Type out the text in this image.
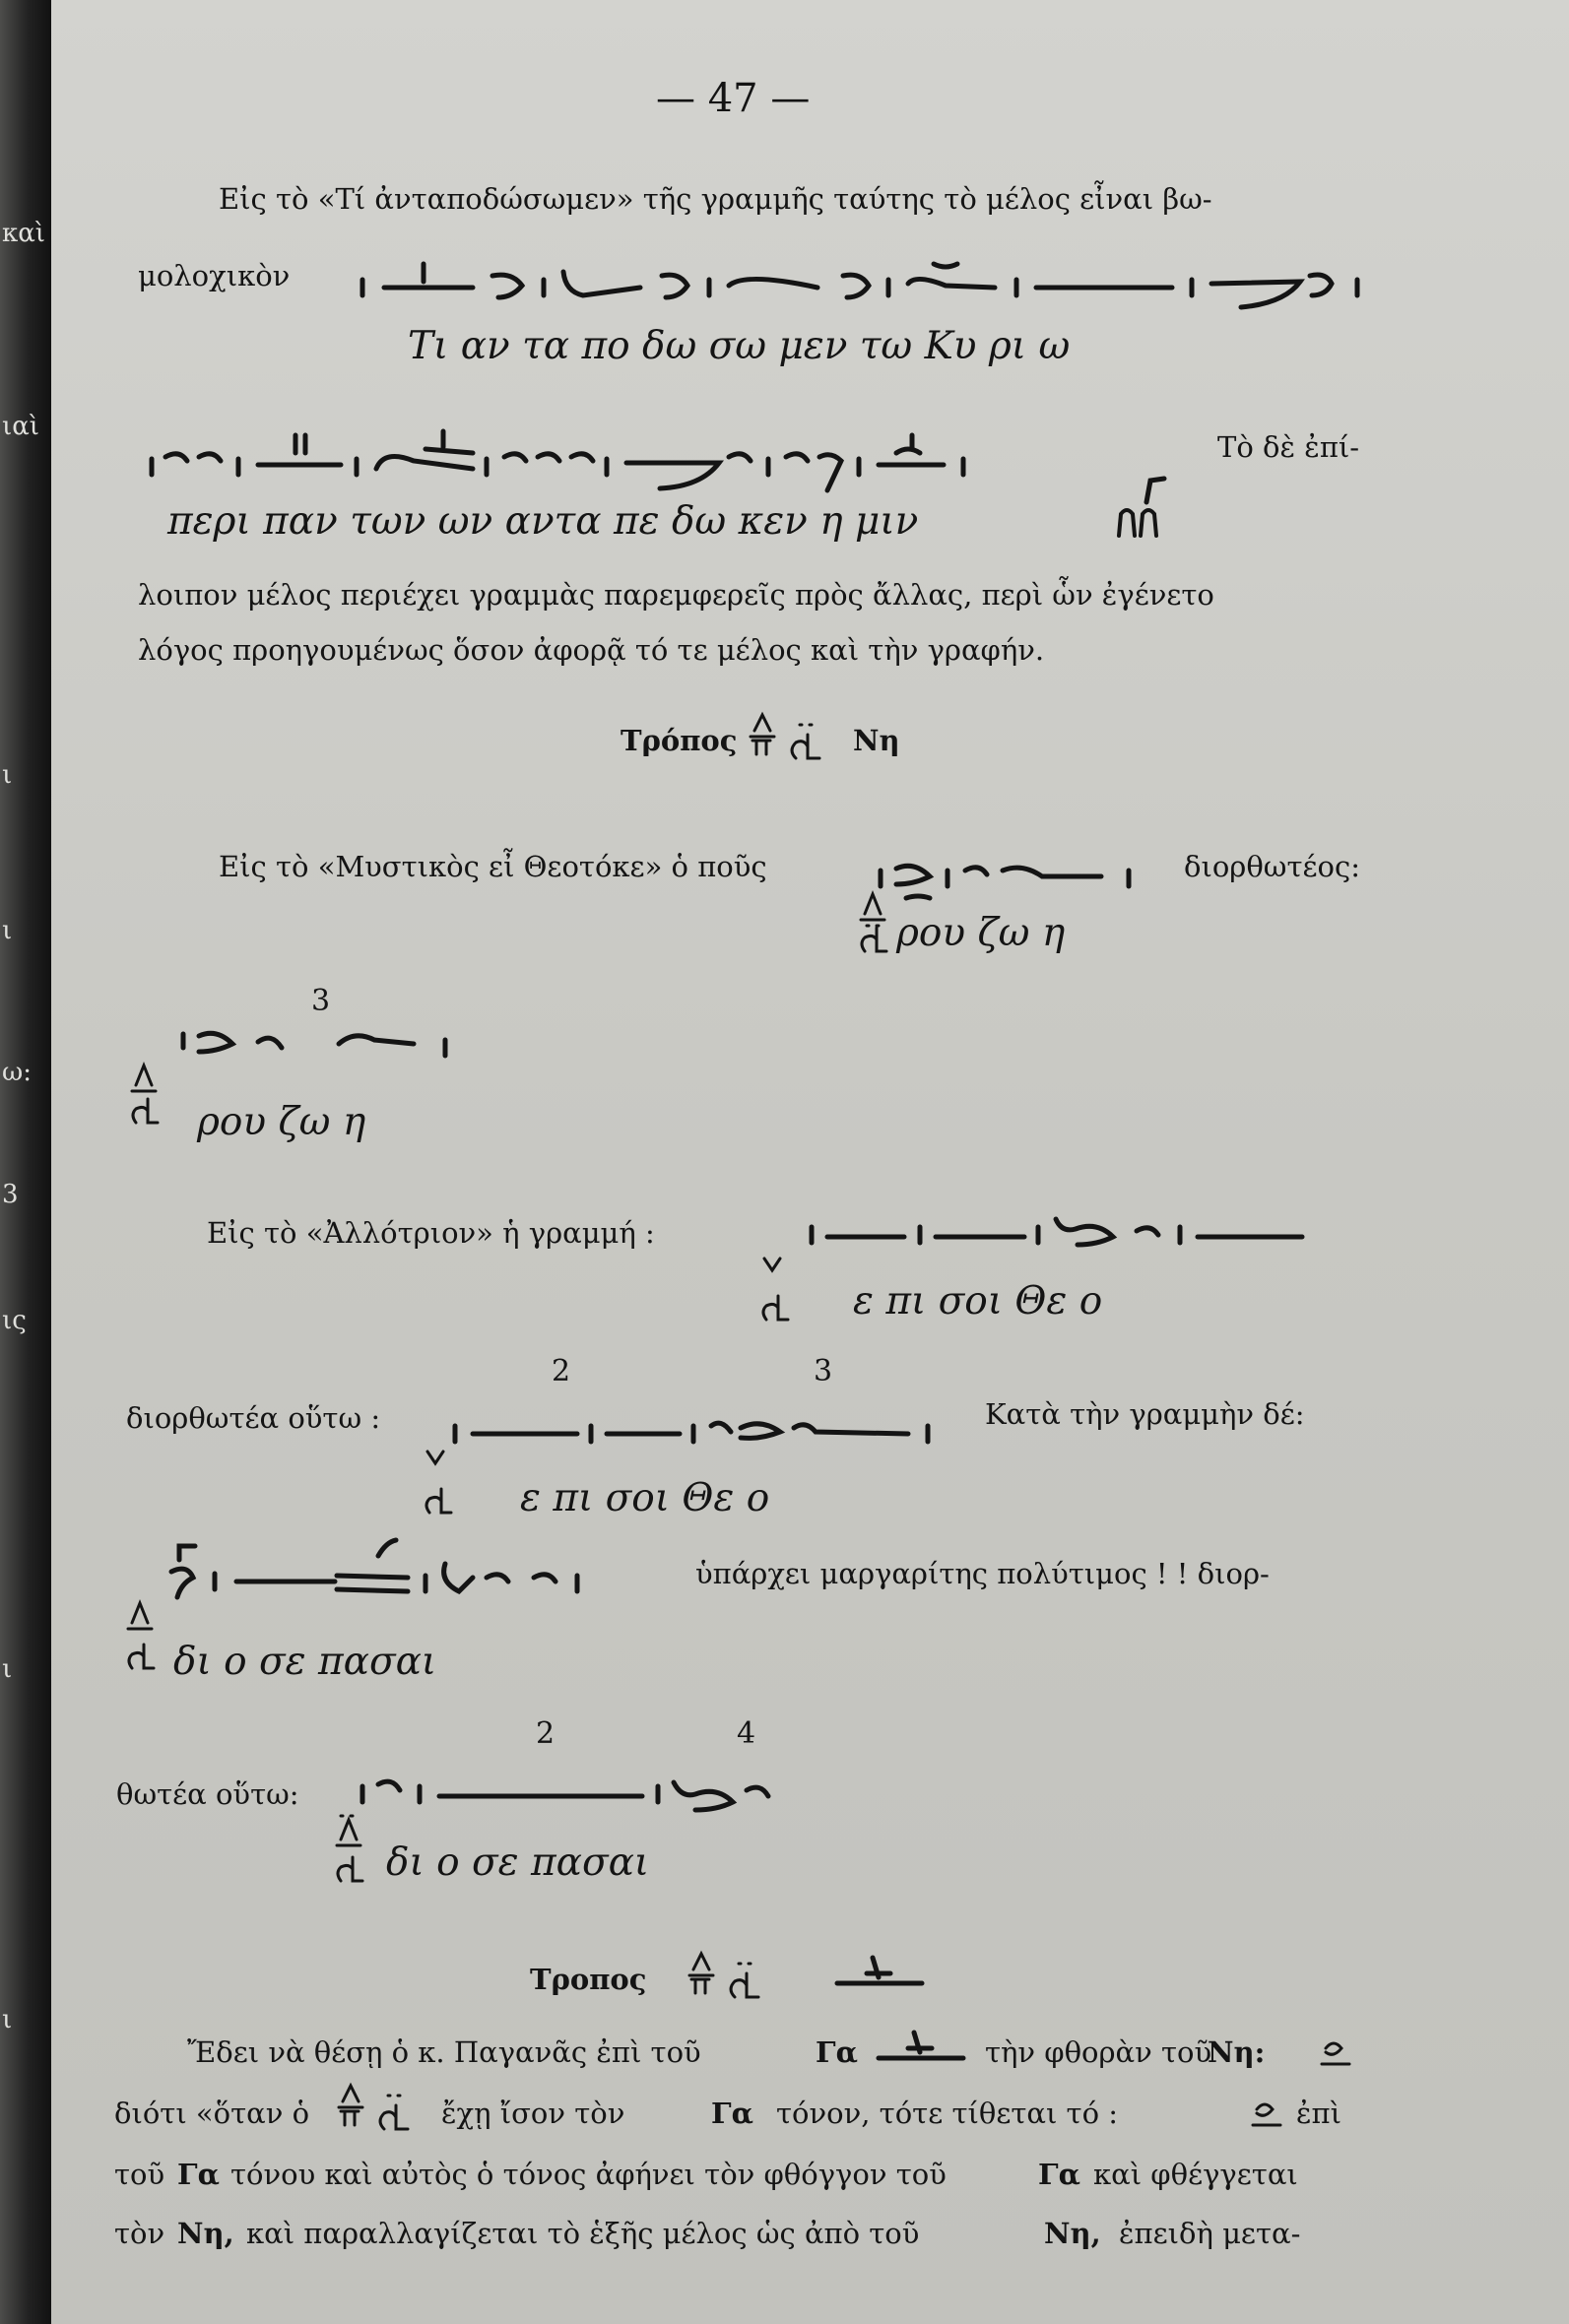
καὶ
ιαὶ
ι
ι
ω:
3
ις
ι
ι
— 47 —
Εἰς τὸ «Τί ἀνταποδώσωμεν» τῆς γραμμῆς ταύτης τὸ μέλος εἶναι βω-
μολοχικὸν
Τι αν τα πο δω σω μεν τω Κυ ρι ω
Τὸ δὲ ἐπί-
περι παν των ων αντα πε δω κεν η μιν
λοιπον μέλος περιέχει γραμμὰς παρεμφερεῖς πρὸς ἄλλας, περὶ ὧν ἐγένετο
λόγος προηγουμένως ὅσον ἀφορᾷ τό τε μέλος καὶ τὴν γραφήν.
Τρόπος	Νη
Εἰς τὸ «Μυστικὸς εἶ Θεοτόκε» ὁ ποῦς	διορθωτέος:
ρου ζω η
3
ρου ζω η
Εἰς τὸ «Ἀλλότριον» ἡ γραμμή :
ε πι σοι Θε ο
2	3
διορθωτέα οὕτω :	Κατὰ τὴν γραμμὴν δέ:
ε πι σοι Θε ο
ὑπάρχει μαργαρίτης πολύτιμος ! ! διορ-
δι ο σε πασαι
2	4
θωτέα οὕτω:
δι ο σε πασαι
Τροπος
Ἔδει νὰ θέσῃ ὁ κ. Παγανᾶς ἐπὶ τοῦ	Γα	τὴν φθορὰν τοῦ
Νη:
διότι «ὅταν ὁ	ἔχῃ ἴσον τὸν	Γα τόνον, τότε τίθεται τό :	ἐπὶ
τοῦ Γα τόνου καὶ αὐτὸς ὁ τόνος ἀφήνει τὸν φθόγγον τοῦ	Γα καὶ φθέγγεται
τὸν Νη, καὶ παραλλαγίζεται τὸ ἑξῆς μέλος ὡς ἀπὸ τοῦ	Νη, ἐπειδὴ μετα-
